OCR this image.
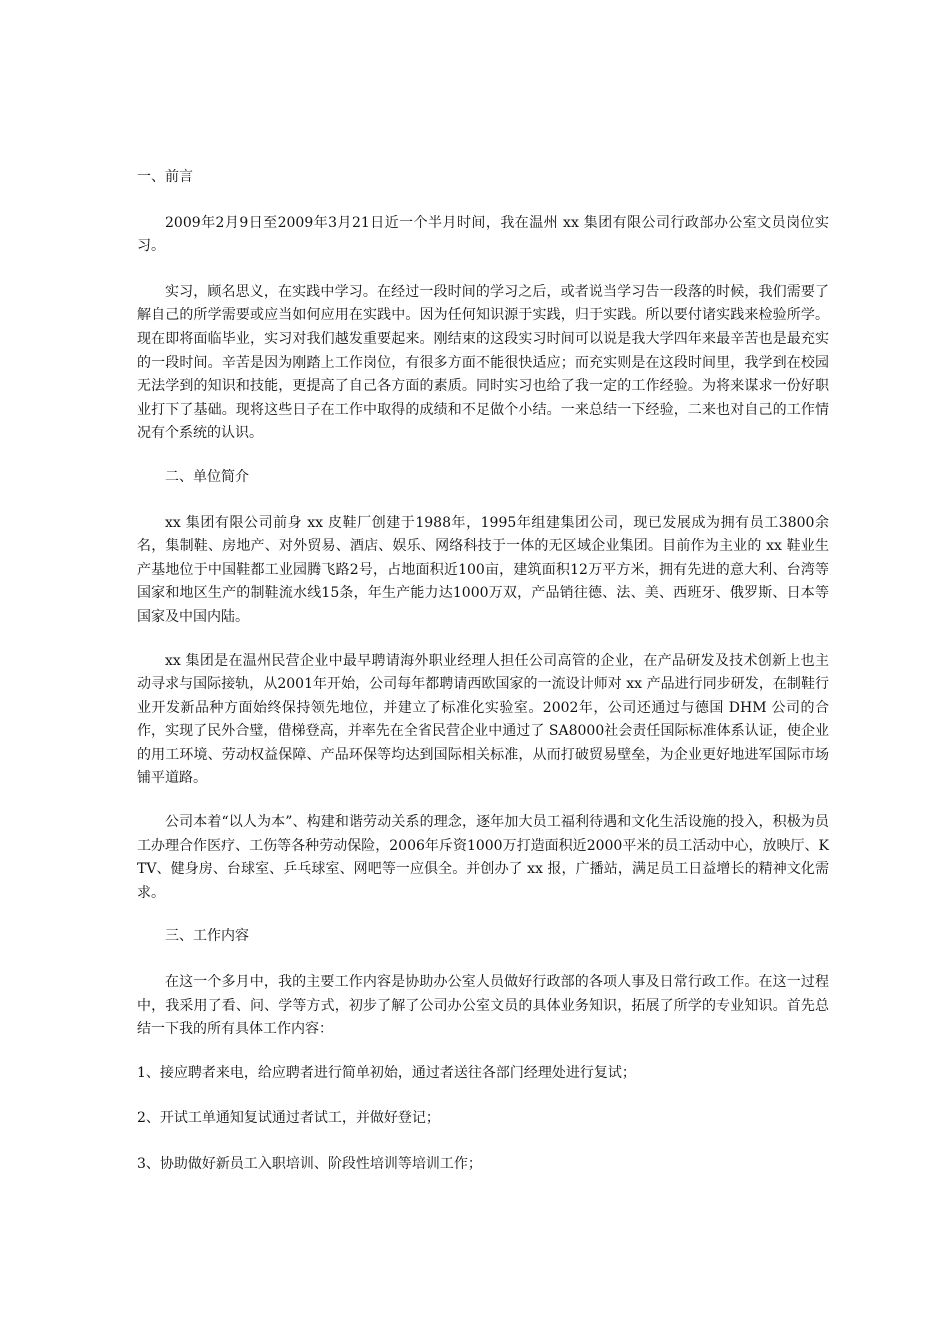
一、前言

2009年2月9日至2009年3月21日近一个半月时间，我在温州 xx 集团有限公司行政部办公室文员岗位实习。

实习，顾名思义，在实践中学习。在经过一段时间的学习之后，或者说当学习告一段落的时候，我们需要了解自己的所学需要或应当如何应用在实践中。因为任何知识源于实践，归于实践。所以要付诸实践来检验所学。现在即将面临毕业，实习对我们越发重要起来。刚结束的这段实习时间可以说是我大学四年来最辛苦也是最充实的一段时间。辛苦是因为刚踏上工作岗位，有很多方面不能很快适应；而充实则是在这段时间里，我学到在校园无法学到的知识和技能，更提高了自己各方面的素质。同时实习也给了我一定的工作经验。为将来谋求一份好职业打下了基础。现将这些日子在工作中取得的成绩和不足做个小结。一来总结一下经验，二来也对自己的工作情况有个系统的认识。

二、单位简介

xx 集团有限公司前身 xx 皮鞋厂创建于1988年，1995年组建集团公司，现已发展成为拥有员工3800余名，集制鞋、房地产、对外贸易、酒店、娱乐、网络科技于一体的无区域企业集团。目前作为主业的 xx 鞋业生产基地位于中国鞋都工业园腾飞路2号，占地面积近100亩，建筑面积12万平方米，拥有先进的意大利、台湾等国家和地区生产的制鞋流水线15条，年生产能力达1000万双，产品销往德、法、美、西班牙、俄罗斯、日本等国家及中国内陆。

xx 集团是在温州民营企业中最早聘请海外职业经理人担任公司高管的企业，在产品研发及技术创新上也主动寻求与国际接轨，从2001年开始，公司每年都聘请西欧国家的一流设计师对 xx 产品进行同步研发，在制鞋行业开发新品种方面始终保持领先地位，并建立了标准化实验室。2002年，公司还通过与德国 DHM 公司的合作，实现了民外合璧，借梯登高，并率先在全省民营企业中通过了 SA8000社会责任国际标准体系认证，使企业的用工环境、劳动权益保障、产品环保等均达到国际相关标准，从而打破贸易壁垒，为企业更好地进军国际市场铺平道路。

公司本着“以人为本”、构建和谐劳动关系的理念，逐年加大员工福利待遇和文化生活设施的投入，积极为员工办理合作医疗、工伤等各种劳动保险，2006年斥资1000万打造面积近2000平米的员工活动中心，放映厅、KTV、健身房、台球室、乒乓球室、网吧等一应俱全。并创办了 xx 报，广播站，满足员工日益增长的精神文化需求。

三、工作内容

在这一个多月中，我的主要工作内容是协助办公室人员做好行政部的各项人事及日常行政工作。在这一过程中，我采用了看、问、学等方式，初步了解了公司办公室文员的具体业务知识，拓展了所学的专业知识。首先总结一下我的所有具体工作内容：

1、接应聘者来电，给应聘者进行简单初始，通过者送往各部门经理处进行复试；

2、开试工单通知复试通过者试工，并做好登记；

3、协助做好新员工入职培训、阶段性培训等培训工作；
